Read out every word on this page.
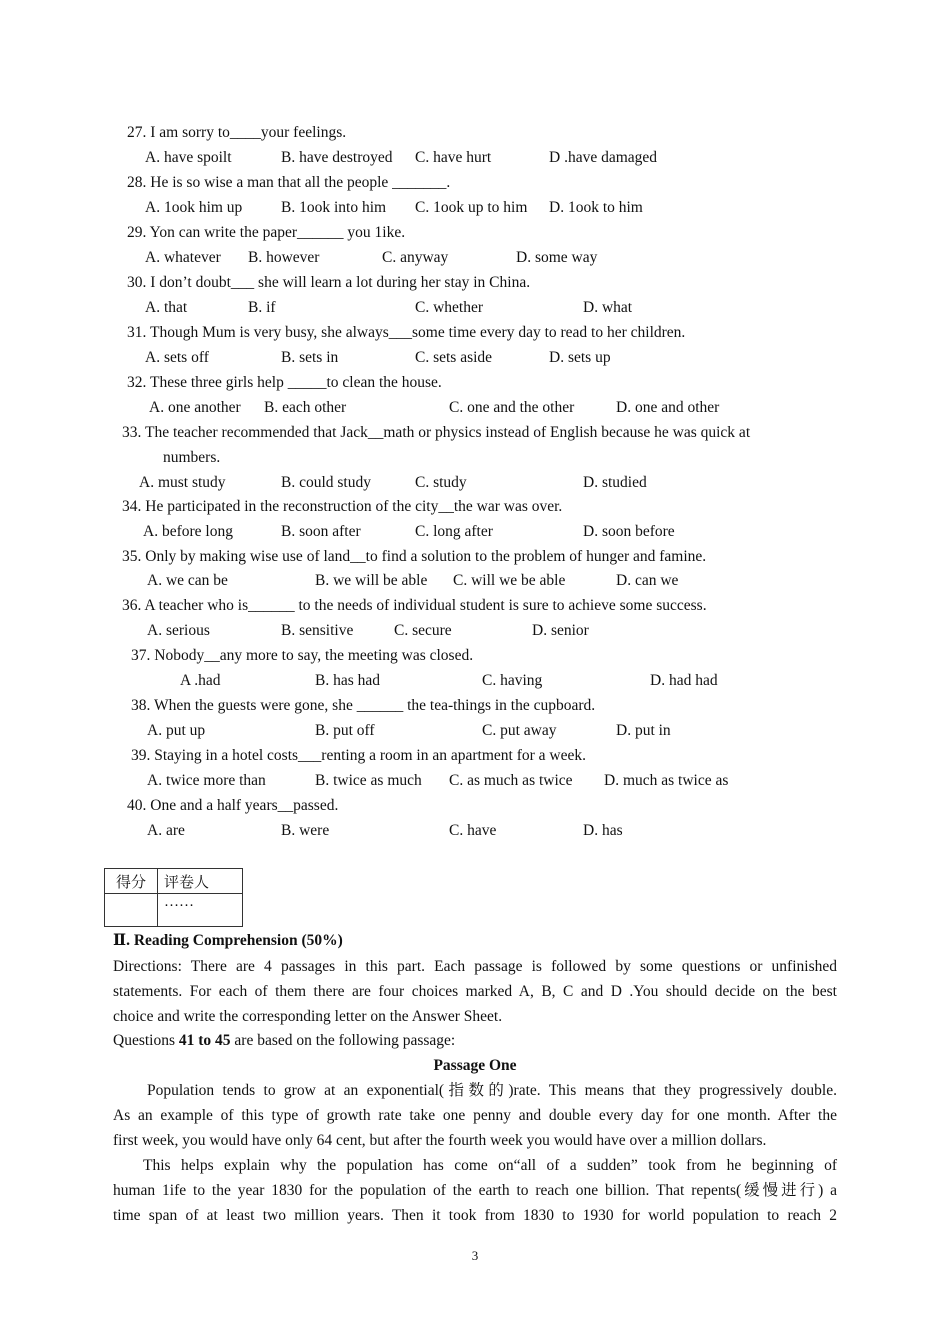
27. I am sorry to____your feelings.
A. have spoilt	B. have destroyed C. have hurt	D .have damaged
28. He is so wise a man that all the people _______.
A. 1ook him up B. 1ook into him C. 1ook up to him D. 1ook to him
29. Yon can write the paper______ you 1ike.
A. whatever B. however	C. anyway	D. some way
30. I don’t doubt___ she will learn a lot during her stay in China.
A. that	B. if	C. whether	D. what
31. Though Mum is very busy, she always___some time every day to read to her children.
A. sets off	B. sets in	C. sets aside	D. sets up
32. These three girls help _____to clean the house.
A. one another B. each other	C. one and the other	D. one and other
33. The teacher recommended that Jack__math or physics instead of English because he was quick at
numbers.
A. must study	B. could study	C. study	D. studied
34. He participated in the reconstruction of the city__the war was over.
A. before long	B. soon after	C. long after	D. soon before
35. Only by making wise use of land__to find a solution to the problem of hunger and famine.
A. we can be	B. we will be able C. will we be able	D. can we
36. A teacher who is______ to the needs of individual student is sure to achieve some success.
A. serious	B. sensitive	C. secure	D. senior
37. Nobody__any more to say, the meeting was closed.
A .had	B. has had	C. having	D. had had
38. When the guests were gone, she ______ the tea-things in the cupboard.
A. put up	B. put off	C. put away	D. put in
39. Staying in a hotel costs___renting a room in an apartment for a week.
A. twice more than	B. twice as much C. as much as twice D. much as twice as
40. One and a half years__passed.
A. are	B. were	C. have	D. has
得分	评卷人
	……
Ⅱ. Reading Comprehension (50%)
Directions: There are 4 passages in this part. Each passage is followed by some questions or unfinished
statements. For each of them there are four choices marked A, B, C and D .You should decide on the best
choice and write the corresponding letter on the Answer Sheet.
Questions 41 to 45 are based on the following passage:
Passage One
Population tends to grow at an exponential(指数的)rate. This means that they progressively double.
As an example of this type of growth rate take one penny and double every day for one month. After the
first week, you would have only 64 cent, but after the fourth week you would have over a million dollars.
This helps explain why the population has come on“all of a sudden” took from he beginning of
human 1ife to the year 1830 for the population of the earth to reach one billion. That repents(缓慢进行) a
time span of at least two million years. Then it took from 1830 to 1930 for world population to reach 2
3
